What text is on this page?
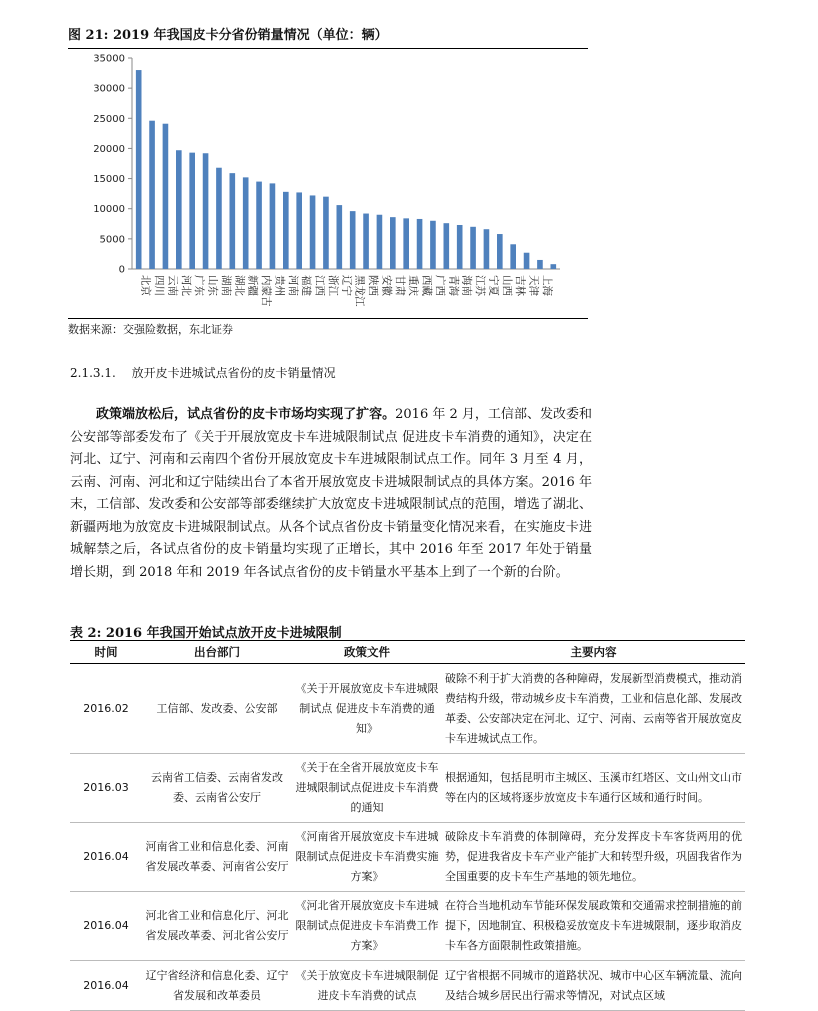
图 21: 2019 年我国皮卡分省份销量情况（单位：辆）
0
5000
10000
15000
20000
25000
30000
35000
北京 四川 云南 河北 广东 山东 湖南 湖北 新疆 内蒙古 贵州 河南 福建 江西 浙江 辽宁 黑龙江 陕西 安徽 甘肃 重庆 西藏 广西 青海 海南 江苏 宁夏 山西 吉林 天津 上海
数据来源：交强险数据，东北证券
2.1.3.1. 放开皮卡进城试点省份的皮卡销量情况

政策端放松后，试点省份的皮卡市场均实现了扩容。2016 年 2 月，工信部、发改委和公安部等部委发布了《关于开展放宽皮卡车进城限制试点 促进皮卡车消费的通知》，决定在河北、辽宁、河南和云南四个省份开展放宽皮卡车进城限制试点工作。同年 3 月至 4 月，云南、河南、河北和辽宁陆续出台了本省开展放宽皮卡进城限制试点的具体方案。2016 年末，工信部、发改委和公安部等部委继续扩大放宽皮卡进城限制试点的范围，增选了湖北、新疆两地为放宽皮卡进城限制试点。从各个试点省份皮卡销量变化情况来看，在实施皮卡进城解禁之后，各试点省份的皮卡销量均实现了正增长，其中 2016 年至 2017 年处于销量增长期，到 2018 年和 2019 年各试点省份的皮卡销量水平基本上到了一个新的台阶。

表 2: 2016 年我国开始试点放开皮卡进城限制
时间	出台部门	政策文件	主要内容
2016.02	工信部、发改委、公安部	《关于开展放宽皮卡车进城限制试点 促进皮卡车消费的通知》	破除不利于扩大消费的各种障碍，发展新型消费模式，推动消费结构升级，带动城乡皮卡车消费，工业和信息化部、发展改革委、公安部决定在河北、辽宁、河南、云南等省开展放宽皮卡车进城试点工作。
2016.03	云南省工信委、云南省发改委、云南省公安厅	《关于在全省开展放宽皮卡车进城限制试点促进皮卡车消费的通知	根据通知，包括昆明市主城区、玉溪市红塔区、文山州文山市等在内的区域将逐步放宽皮卡车通行区域和通行时间。
2016.04	河南省工业和信息化委、河南省发展改革委、河南省公安厅	《河南省开展放宽皮卡车进城限制试点促进皮卡车消费实施方案》	破除皮卡车消费的体制障碍，充分发挥皮卡车客货两用的优势，促进我省皮卡车产业产能扩大和转型升级，巩固我省作为全国重要的皮卡车生产基地的领先地位。
2016.04	河北省工业和信息化厅、河北省发展改革委、河北省公安厅	《河北省开展放宽皮卡车进城限制试点促进皮卡车消费工作方案》	在符合当地机动车节能环保发展政策和交通需求控制措施的前提下，因地制宜、积极稳妥放宽皮卡车进城限制，逐步取消皮卡车各方面限制性政策措施。
2016.04	辽宁省经济和信息化委、辽宁省发展和改革委员	《关于放宽皮卡车进城限制促进皮卡车消费的试点	辽宁省根据不同城市的道路状况、城市中心区车辆流量、流向及结合城乡居民出行需求等情况，对试点区域
